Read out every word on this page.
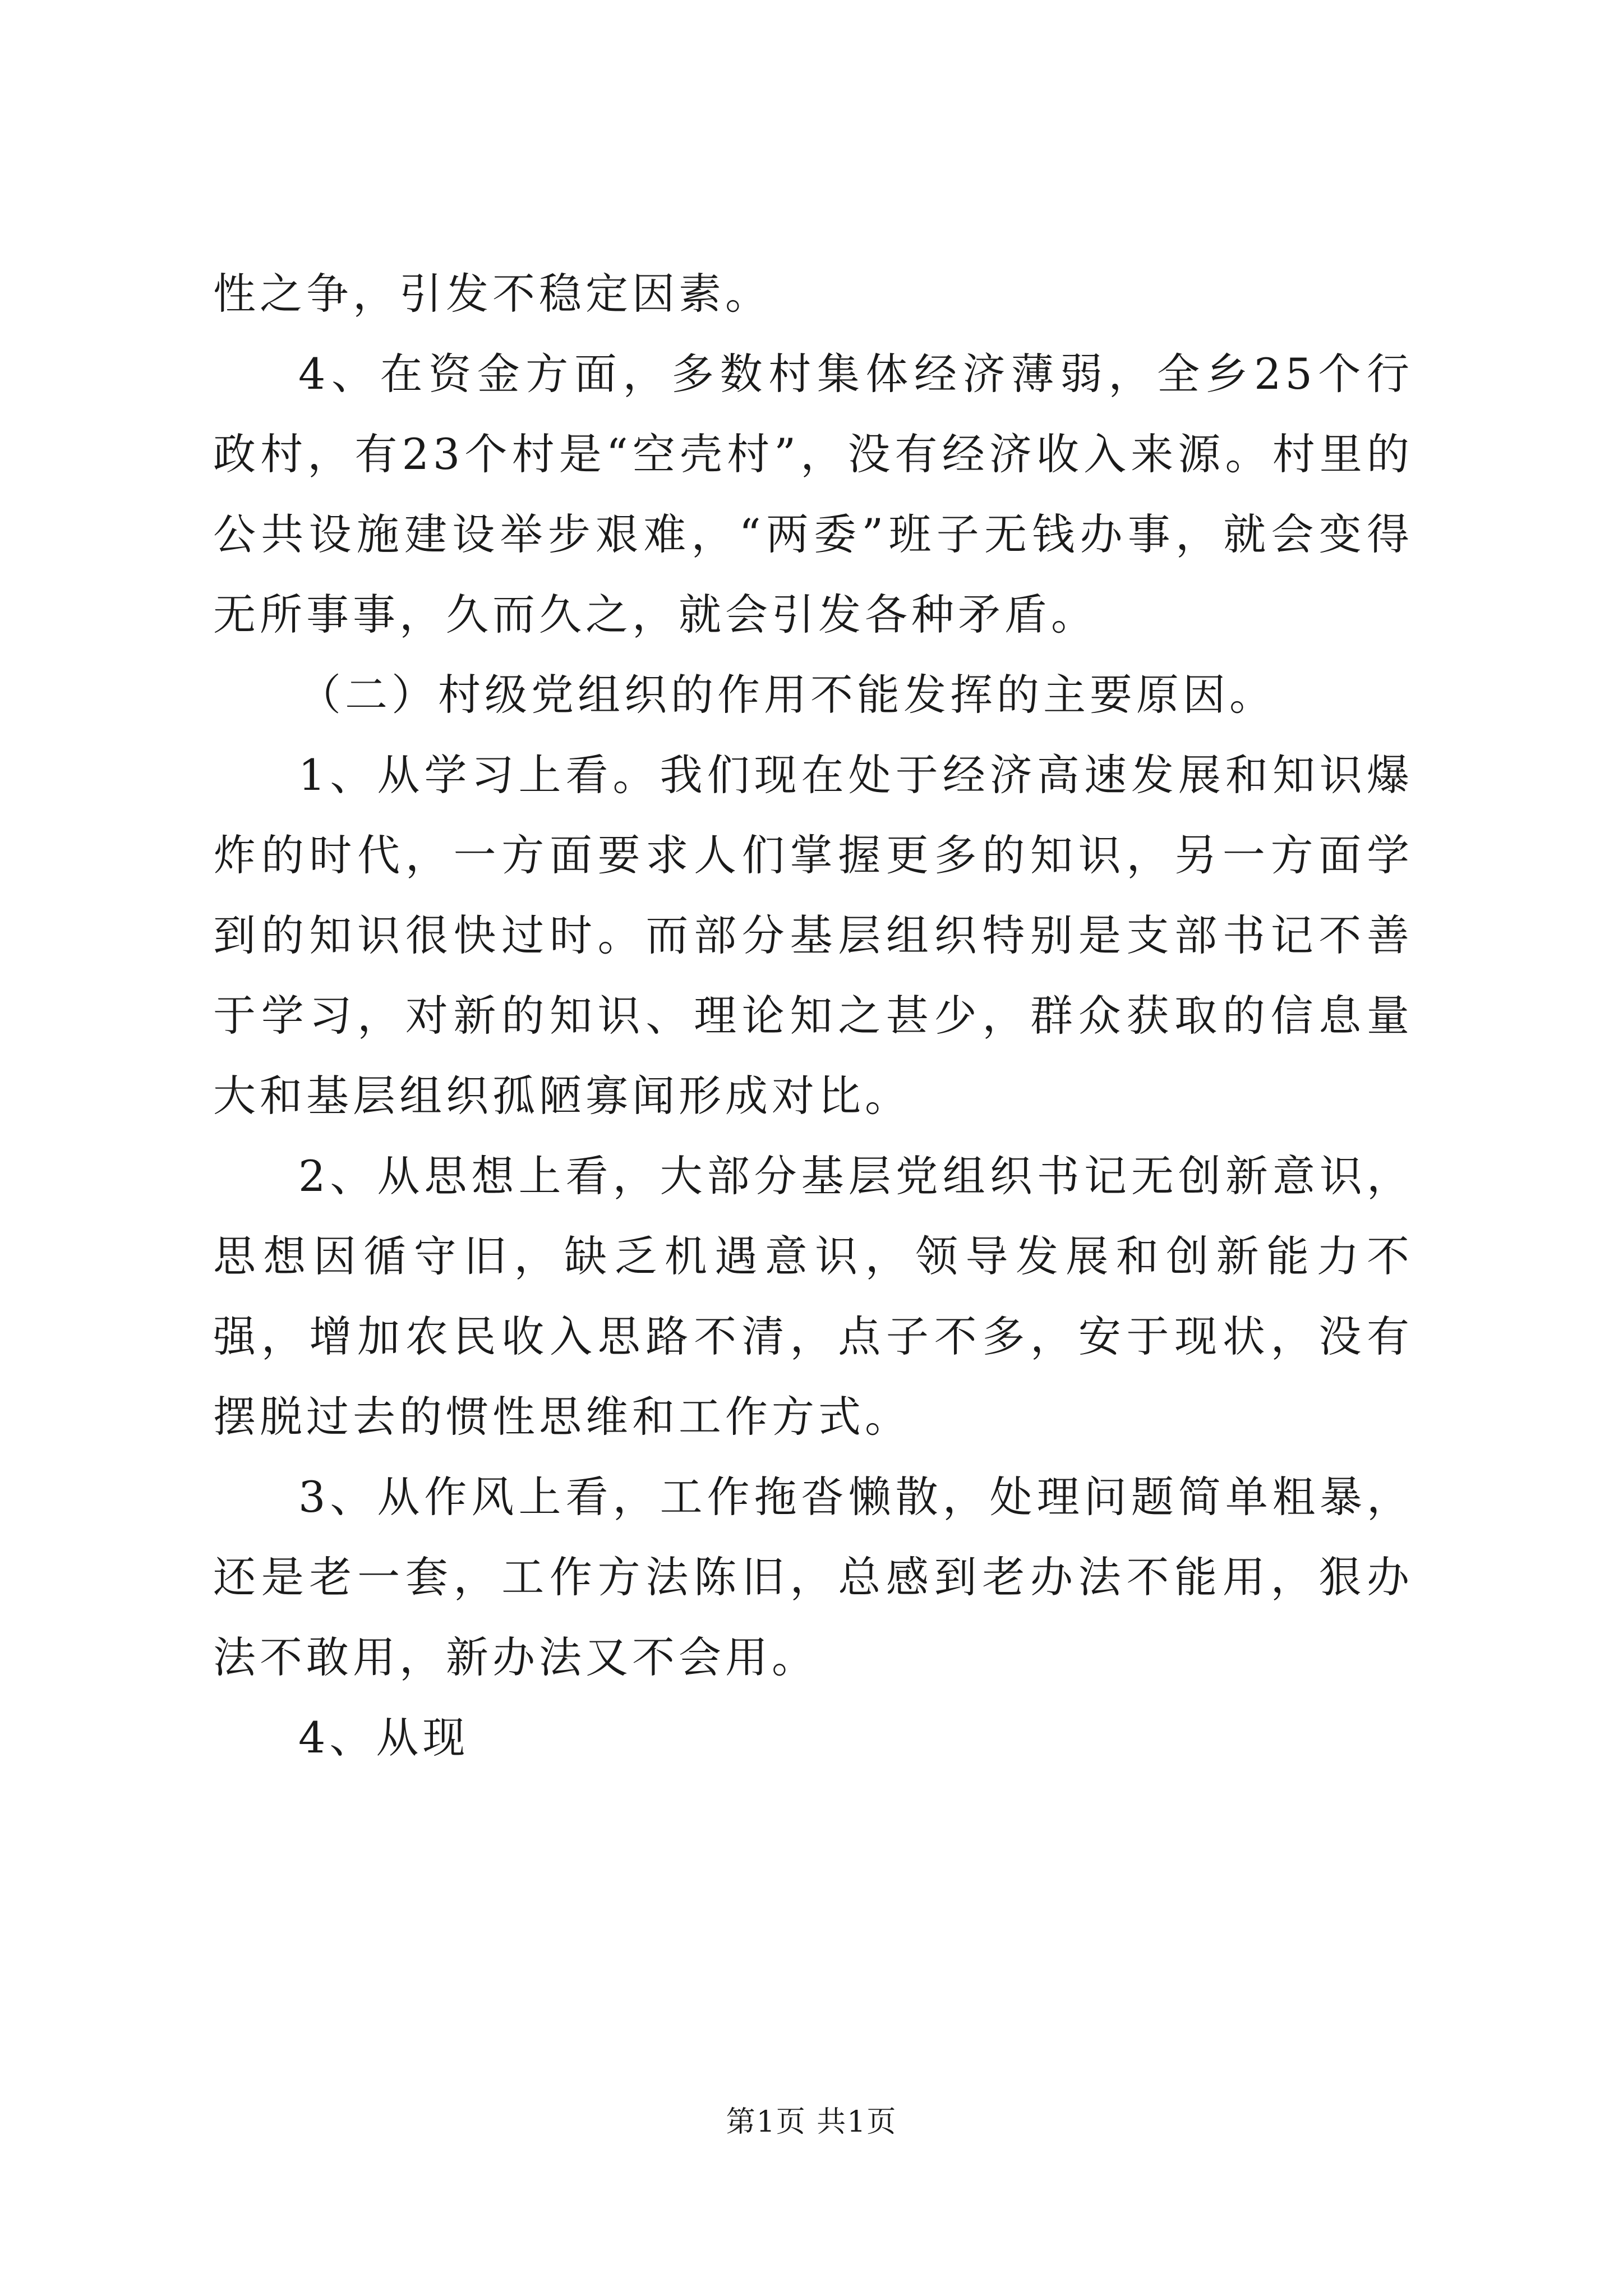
性之争，引发不稳定因素。

4、在资金方面，多数村集体经济薄弱，全乡25个行政村，有23个村是“空壳村”，没有经济收入来源。村里的公共设施建设举步艰难，“两委”班子无钱办事，就会变得无所事事，久而久之，就会引发各种矛盾。

（二）村级党组织的作用不能发挥的主要原因。

1、从学习上看。我们现在处于经济高速发展和知识爆炸的时代，一方面要求人们掌握更多的知识，另一方面学到的知识很快过时。而部分基层组织特别是支部书记不善于学习，对新的知识、理论知之甚少，群众获取的信息量大和基层组织孤陋寡闻形成对比。

2、从思想上看，大部分基层党组织书记无创新意识，思想因循守旧，缺乏机遇意识，领导发展和创新能力不强，增加农民收入思路不清，点子不多，安于现状，没有摆脱过去的惯性思维和工作方式。

3、从作风上看，工作拖沓懒散，处理问题简单粗暴，还是老一套，工作方法陈旧，总感到老办法不能用，狠办法不敢用，新办法又不会用。

4、从现

第1页 共1页
